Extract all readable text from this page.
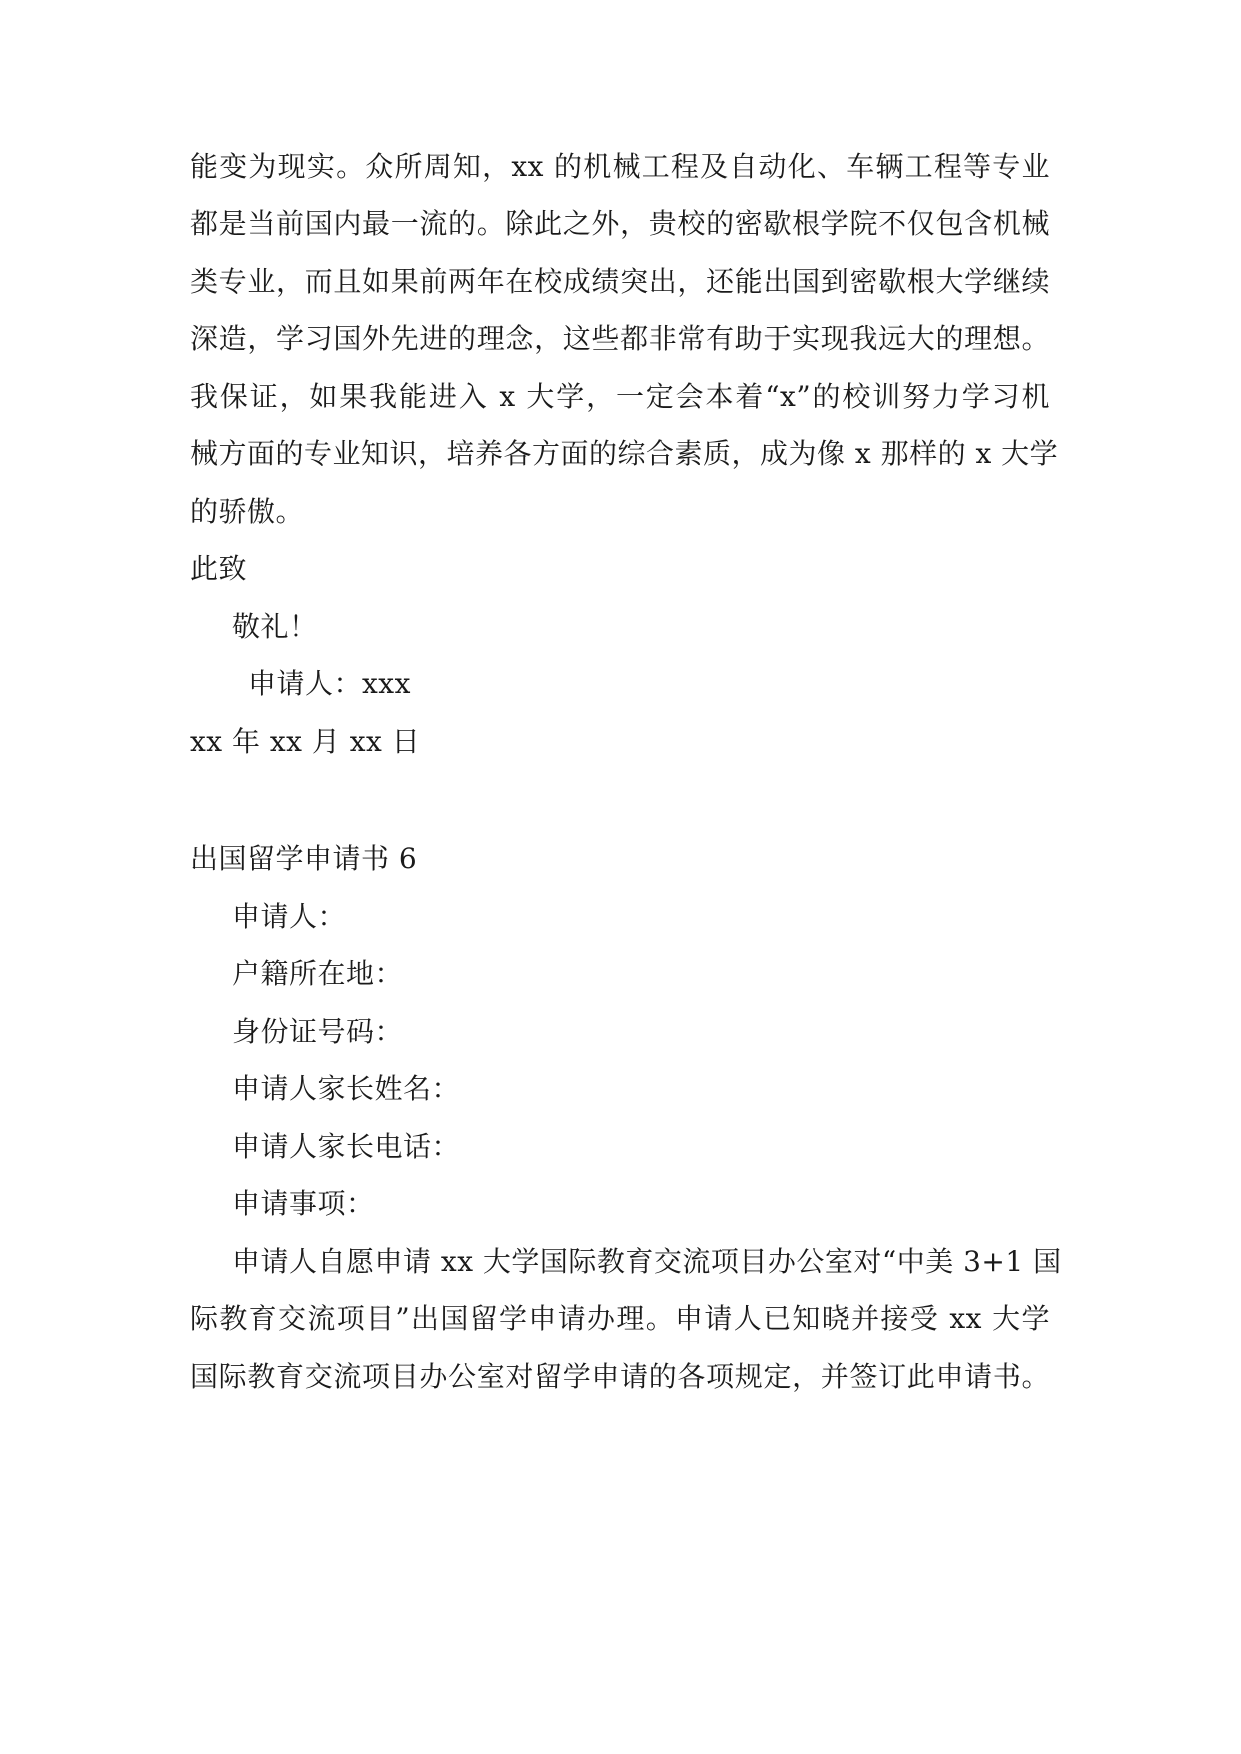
能变为现实。众所周知，xx 的机械工程及自动化、车辆工程等专业
都是当前国内最一流的。除此之外，贵校的密歇根学院不仅包含机械
类专业，而且如果前两年在校成绩突出，还能出国到密歇根大学继续
深造，学习国外先进的理念，这些都非常有助于实现我远大的理想。
我保证，如果我能进入 x 大学，一定会本着“x”的校训努力学习机
械方面的专业知识，培养各方面的综合素质，成为像 x 那样的 x 大学
的骄傲。
此致
敬礼！
申请人：xxx
xx 年 xx 月 xx 日
出国留学申请书 6
申请人：
户籍所在地：
身份证号码：
申请人家长姓名：
申请人家长电话：
申请事项：
申请人自愿申请 xx 大学国际教育交流项目办公室对“中美 3+1 国
际教育交流项目”出国留学申请办理。申请人已知晓并接受 xx 大学
国际教育交流项目办公室对留学申请的各项规定，并签订此申请书。
